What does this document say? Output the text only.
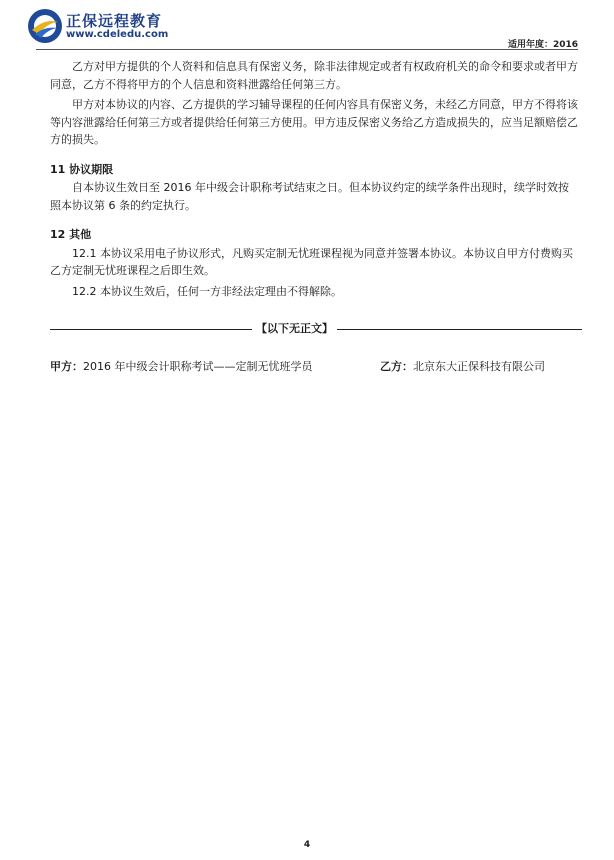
正保远程教育
www.cdeledu.com
适用年度：2016

乙方对甲方提供的个人资料和信息具有保密义务，除非法律规定或者有权政府机关的命令和要求或者甲方同意，乙方不得将甲方的个人信息和资料泄露给任何第三方。

甲方对本协议的内容、乙方提供的学习辅导课程的任何内容具有保密义务，未经乙方同意，甲方不得将该等内容泄露给任何第三方或者提供给任何第三方使用。甲方违反保密义务给乙方造成损失的，应当足额赔偿乙方的损失。

11 协议期限

自本协议生效日至 2016 年中级会计职称考试结束之日。但本协议约定的续学条件出现时，续学时效按照本协议第 6 条的约定执行。

12 其他

12.1 本协议采用电子协议形式，凡购买定制无忧班课程视为同意并签署本协议。本协议自甲方付费购买乙方定制无忧班课程之后即生效。

12.2 本协议生效后，任何一方非经法定理由不得解除。

【以下无正文】
甲方：2016 年中级会计职称考试——定制无忧班学员	乙方：北京东大正保科技有限公司
4
